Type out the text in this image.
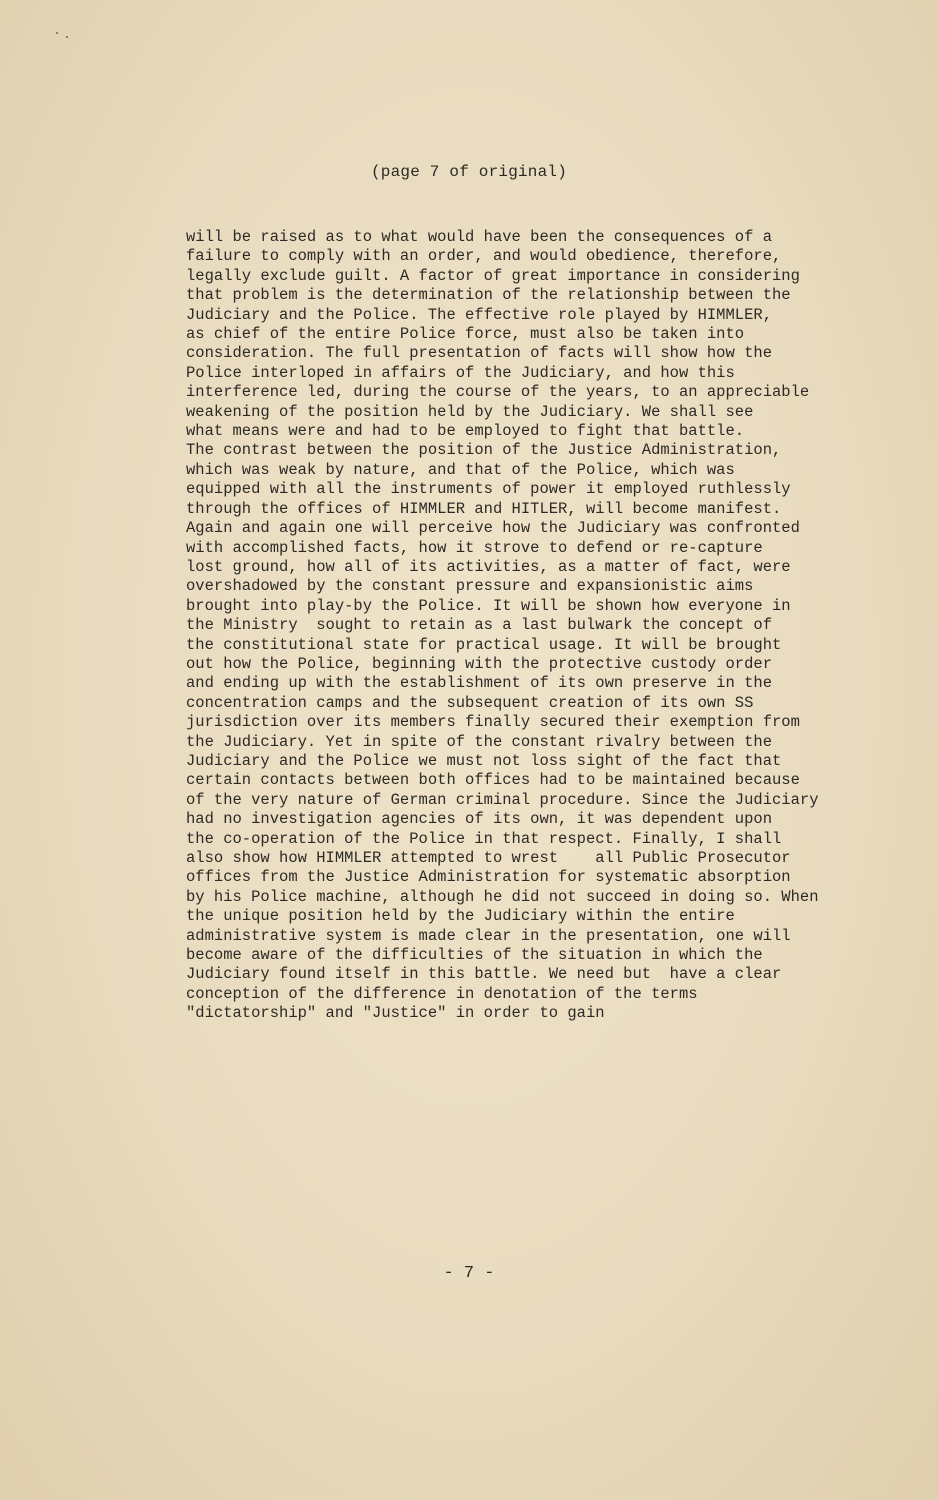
(page 7 of original)
will be raised as to what would have been the consequences of a
failure to comply with an order, and would obedience, therefore,
legally exclude guilt. A factor of great importance in considering
that problem is the determination of the relationship between the
Judiciary and the Police. The effective role played by HIMMLER,
as chief of the entire Police force, must also be taken into
consideration. The full presentation of facts will show how the
Police interloped in affairs of the Judiciary, and how this
interference led, during the course of the years, to an appreciable
weakening of the position held by the Judiciary. We shall see
what means were and had to be employed to fight that battle.
The contrast between the position of the Justice Administration,
which was weak by nature, and that of the Police, which was
equipped with all the instruments of power it employed ruthlessly
through the offices of HIMMLER and HITLER, will become manifest.
Again and again one will perceive how the Judiciary was confronted
with accomplished facts, how it strove to defend or re-capture
lost ground, how all of its activities, as a matter of fact, were
overshadowed by the constant pressure and expansionistic aims
brought into play-by the Police. It will be shown how everyone in
the Ministry  sought to retain as a last bulwark the concept of
the constitutional state for practical usage. It will be brought
out how the Police, beginning with the protective custody order
and ending up with the establishment of its own preserve in the
concentration camps and the subsequent creation of its own SS
jurisdiction over its members finally secured their exemption from
the Judiciary. Yet in spite of the constant rivalry between the
Judiciary and the Police we must not loss sight of the fact that
certain contacts between both offices had to be maintained because
of the very nature of German criminal procedure. Since the Judiciary
had no investigation agencies of its own, it was dependent upon
the co-operation of the Police in that respect. Finally, I shall
also show how HIMMLER attempted to wrest    all Public Prosecutor
offices from the Justice Administration for systematic absorption
by his Police machine, although he did not succeed in doing so. When
the unique position held by the Judiciary within the entire
administrative system is made clear in the presentation, one will
become aware of the difficulties of the situation in which the
Judiciary found itself in this battle. We need but  have a clear
conception of the difference in denotation of the terms
"dictatorship" and "Justice" in order to gain
- 7 -
